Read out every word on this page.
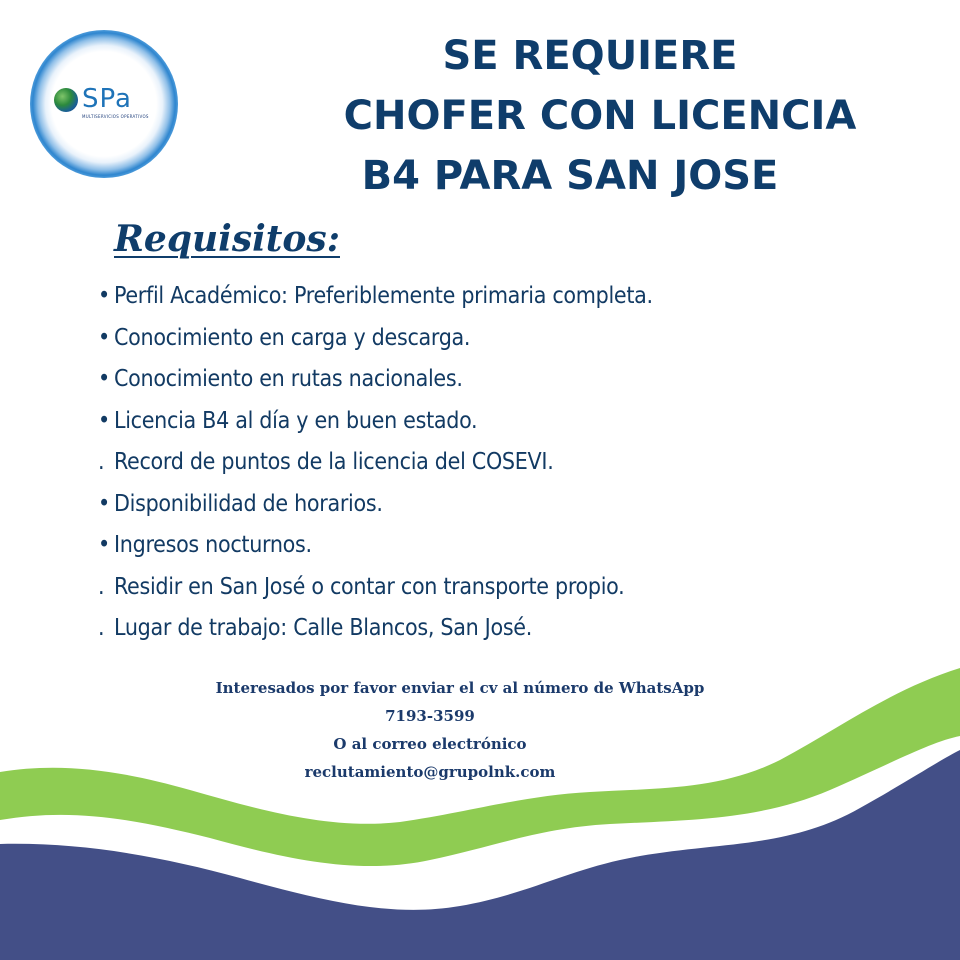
SPa
MULTISERVICIOS OPERATIVOS
SE REQUIERE
CHOFER CON LICENCIA
B4 PARA SAN JOSE
Requisitos:
• Perfil Académico: Preferiblemente primaria completa.
• Conocimiento en carga y descarga.
• Conocimiento en rutas nacionales.
• Licencia B4 al día y en buen estado.
. Record de puntos de la licencia del COSEVI.
• Disponibilidad de horarios.
• Ingresos nocturnos.
. Residir en San José o contar con transporte propio.
. Lugar de trabajo: Calle Blancos, San José.
Interesados por favor enviar el cv al número de WhatsApp
7193-3599
O al correo electrónico
reclutamiento@grupolnk.com
